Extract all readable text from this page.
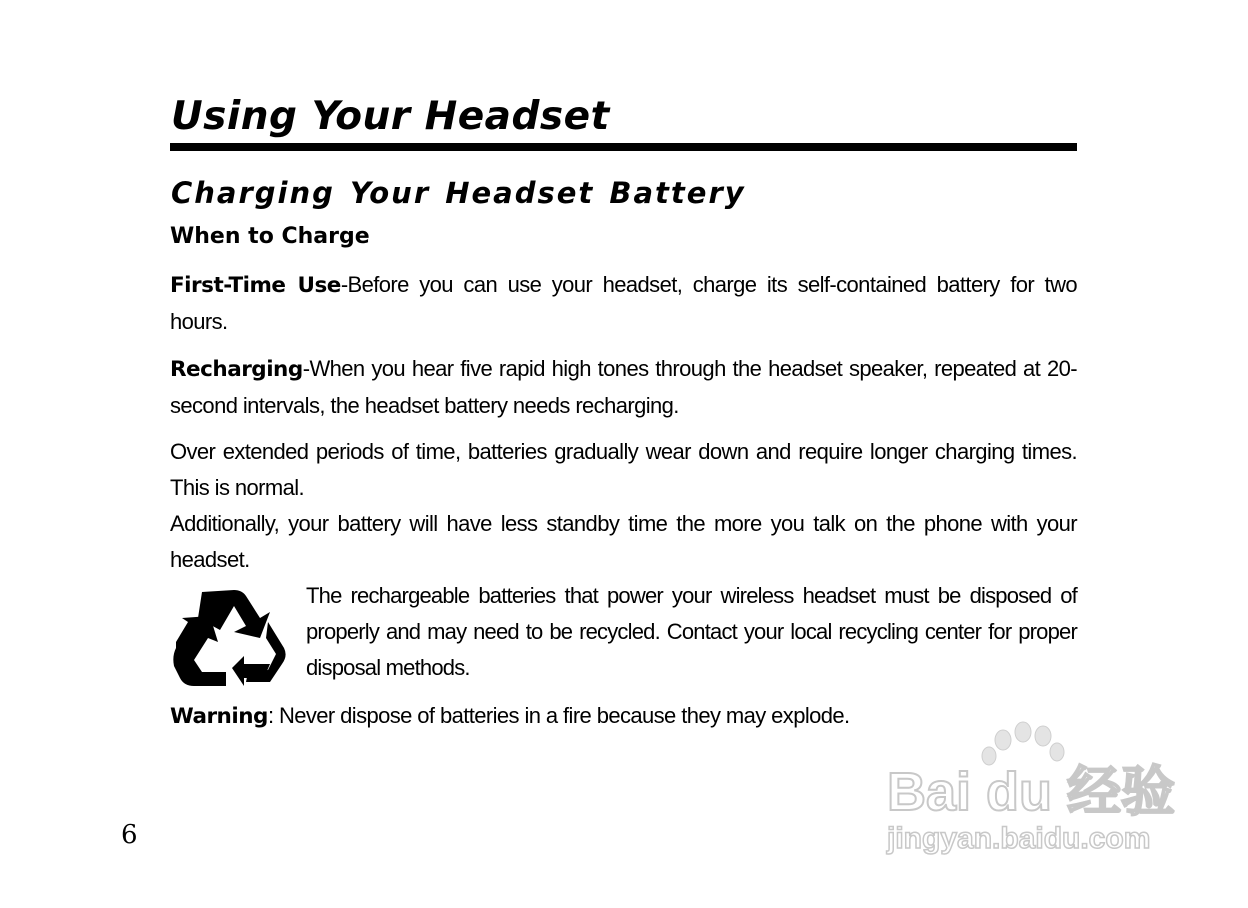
Using Your Headset
Charging Your Headset Battery
When to Charge

First-Time Use-Before you can use your headset, charge its self-contained battery for two hours.

Recharging-When you hear five rapid high tones through the headset speaker, repeated at 20-second intervals, the headset battery needs recharging.

Over extended periods of time, batteries gradually wear down and require longer charging times. This is normal.

Additionally, your battery will have less standby time the more you talk on the phone with your headset.

The rechargeable batteries that power your wireless headset must be disposed of properly and may need to be recycled. Contact your local recycling center for proper disposal methods.

Warning: Never dispose of batteries in a fire because they may explode.

6
Bai du 经验
jingyan.baidu.com
